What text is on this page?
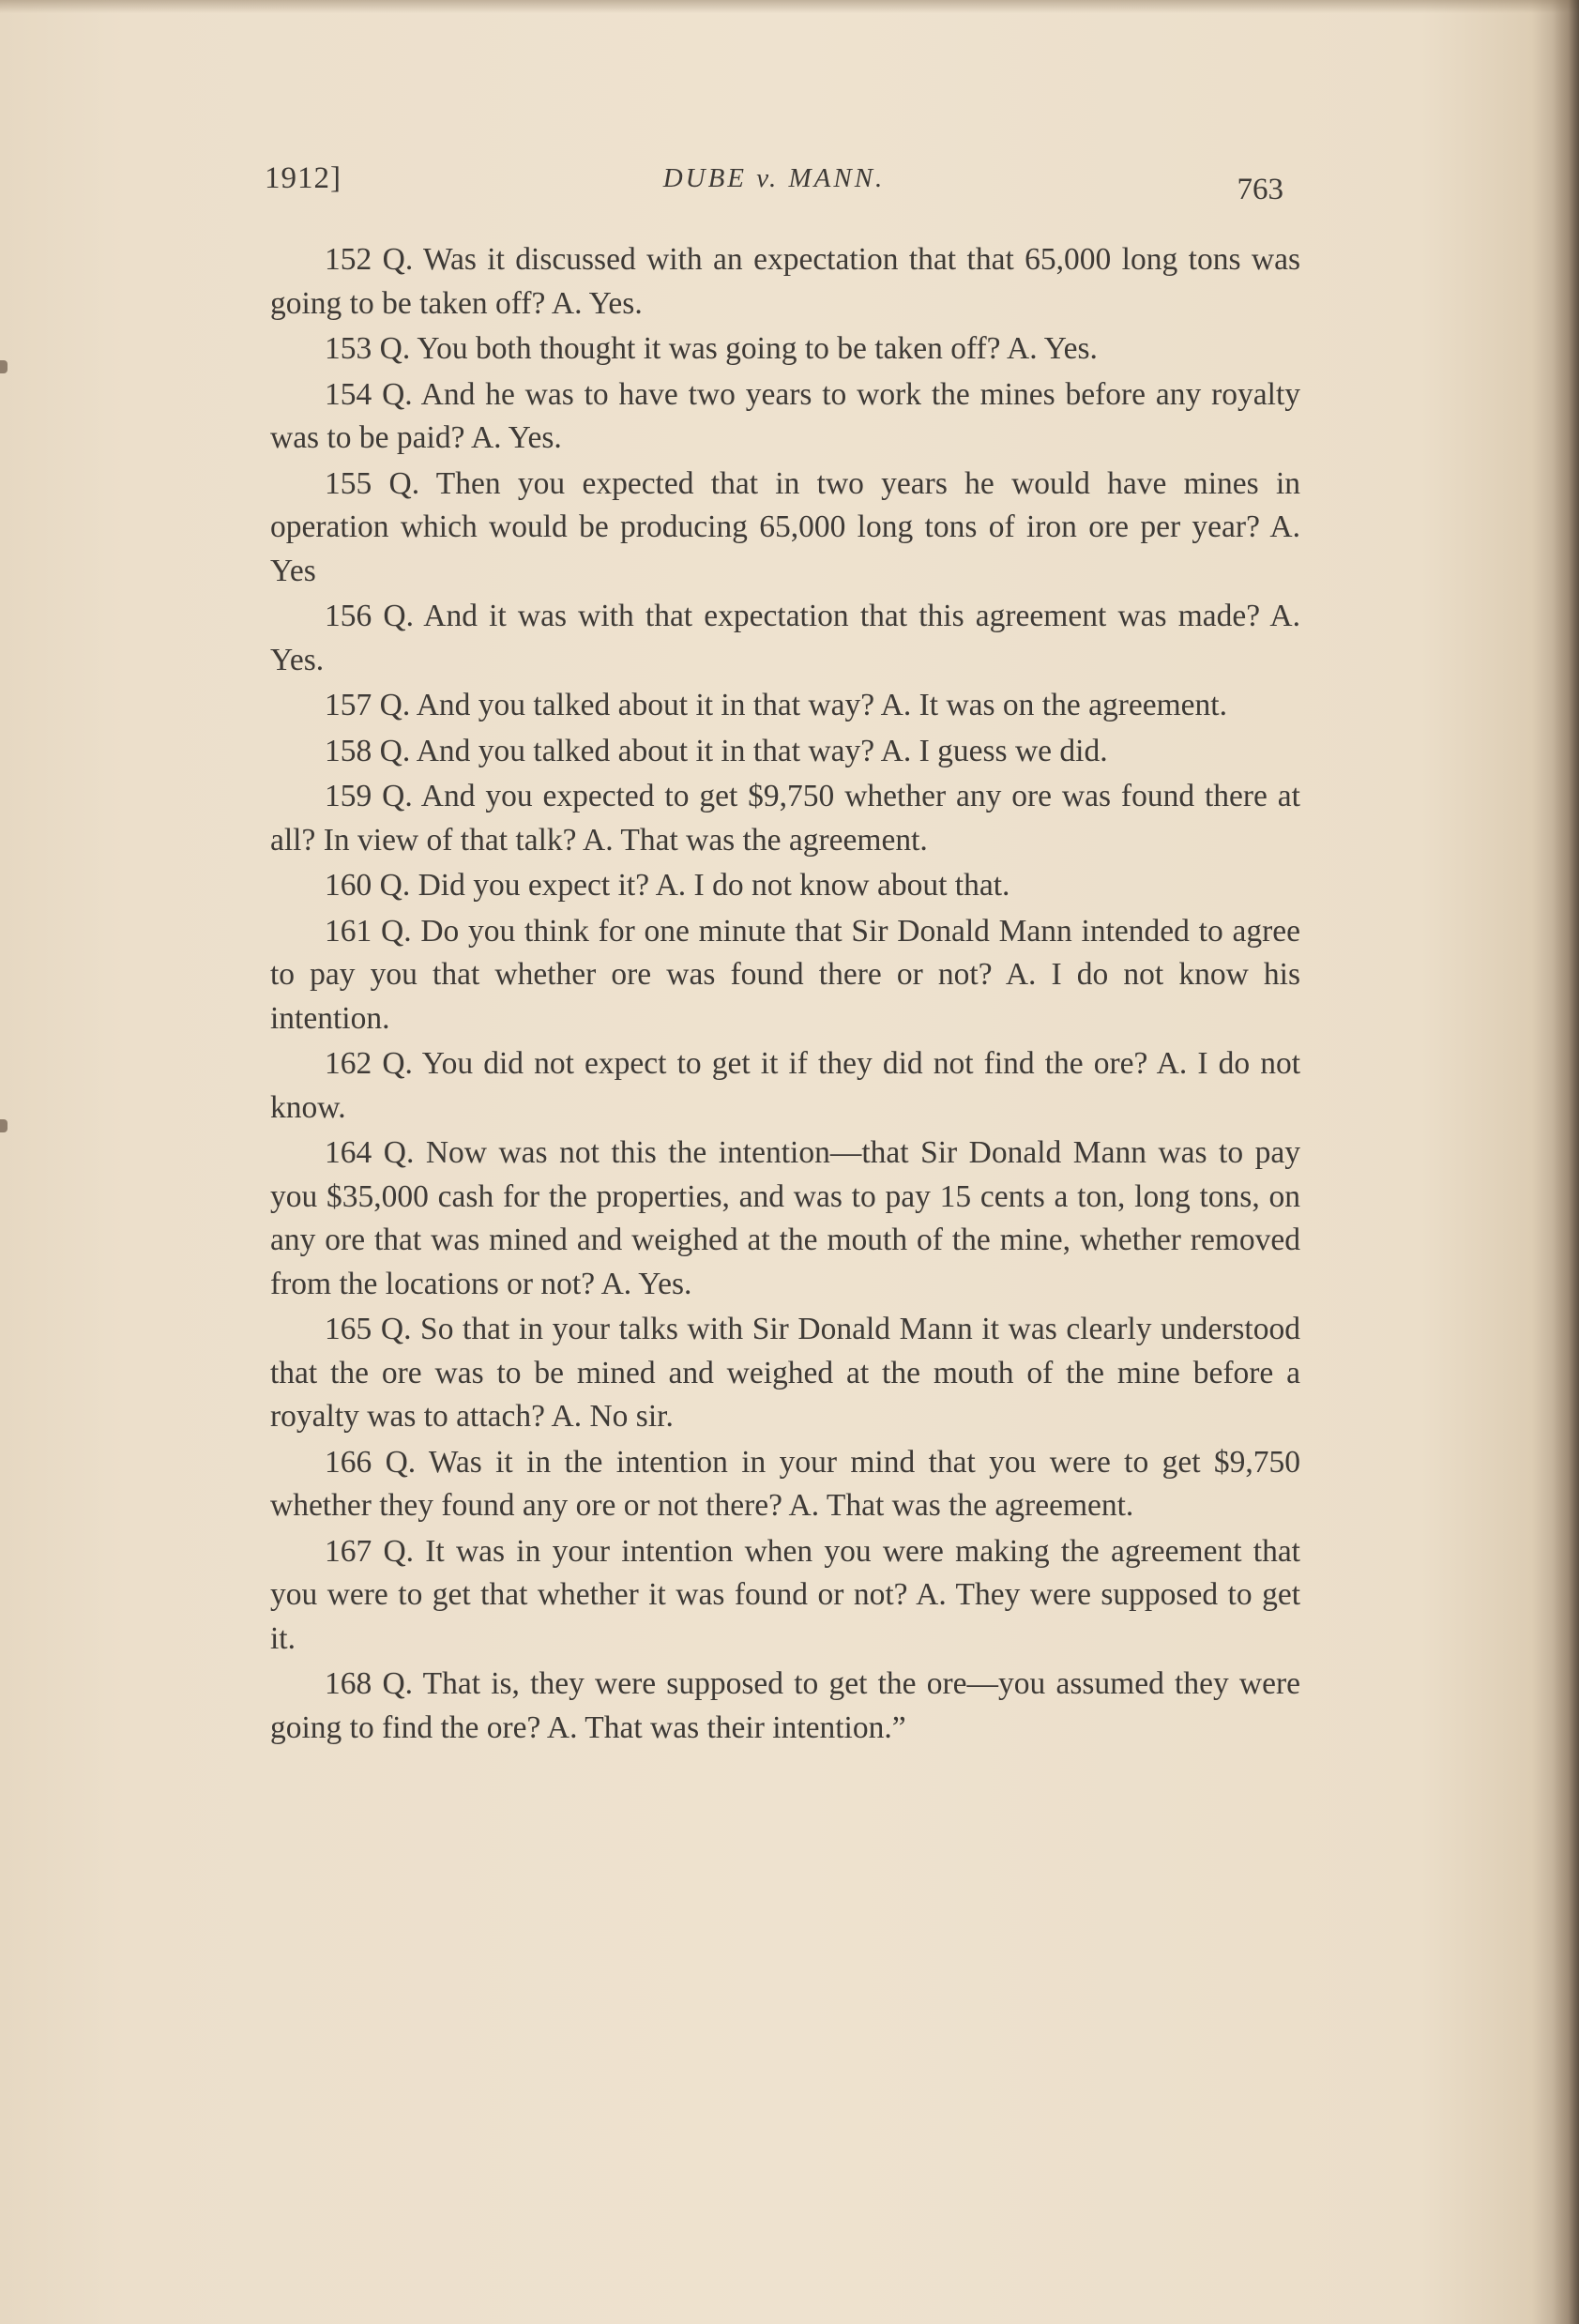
1912]	DUBE v. MANN.	763

152 Q. Was it discussed with an expectation that that 65,000 long tons was going to be taken off? A. Yes.

153 Q. You both thought it was going to be taken off? A. Yes.

154 Q. And he was to have two years to work the mines before any royalty was to be paid? A. Yes.

155 Q. Then you expected that in two years he would have mines in operation which would be producing 65,000 long tons of iron ore per year? A. Yes

156 Q. And it was with that expectation that this agreement was made? A. Yes.

157 Q. And you talked about it in that way? A. It was on the agreement.

158 Q. And you talked about it in that way? A. I guess we did.

159 Q. And you expected to get $9,750 whether any ore was found there at all? In view of that talk? A. That was the agreement.

160 Q. Did you expect it? A. I do not know about that.

161 Q. Do you think for one minute that Sir Donald Mann intended to agree to pay you that whether ore was found there or not? A. I do not know his intention.

162 Q. You did not expect to get it if they did not find the ore? A. I do not know.

164 Q. Now was not this the intention—that Sir Donald Mann was to pay you $35,000 cash for the properties, and was to pay 15 cents a ton, long tons, on any ore that was mined and weighed at the mouth of the mine, whether removed from the locations or not? A. Yes.

165 Q. So that in your talks with Sir Donald Mann it was clearly understood that the ore was to be mined and weighed at the mouth of the mine before a royalty was to attach? A. No sir.

166 Q. Was it in the intention in your mind that you were to get $9,750 whether they found any ore or not there? A. That was the agreement.

167 Q. It was in your intention when you were making the agreement that you were to get that whether it was found or not? A. They were supposed to get it.

168 Q. That is, they were supposed to get the ore—you assumed they were going to find the ore? A. That was their intention.”
